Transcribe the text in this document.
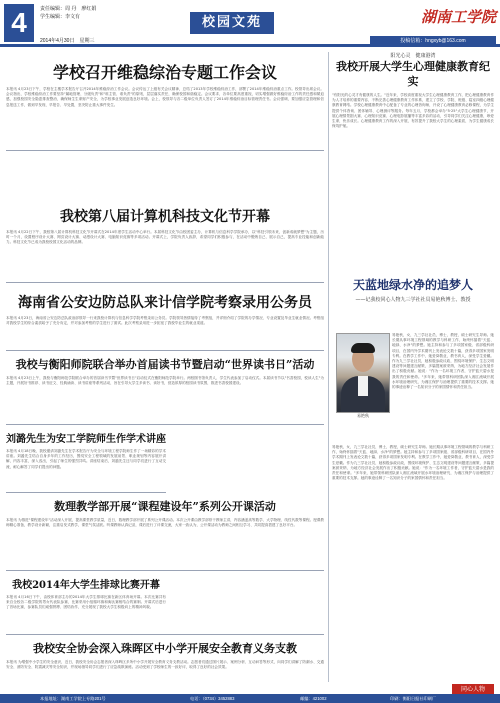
4	责任编辑：周 丹　廖红娟
学生编辑：李文有
2014年4月30日　星期三
校园文苑	湖南工学院
投稿信箱：hngxyb@163.com
学校召开维稳综治专题工作会议
本报讯 4月23日下午，学校在主楼学术报告厅召开2014年维稳综治工作会议。会议传达了上级有关会议精神，总结了2013年学校维稳综治工作，部署了2014年维稳综治重点工作。校领导出席会议。会议指出，学校维稳综治工作要坚持"属地管理、分级负责"和"谁主管、谁负责"的原则，层层落实责任，确保校园和谐稳定。会议要求，各单位要高度重视，切实增强做好维稳综治工作的责任感和紧迫感，加强校园安全隐患排查整治，确保师生生命财产安全，为学校事业发展创造良好环境。会上，校领导与各二级单位负责人签订了2014年维稳综治目标管理责任书。会议强调，要加强应急管理和信息报送工作，做到早发现、早报告、早处置，坚决防止重大事件发生。
我校第八届计算机科技文化节开幕
本报讯 4月22日下午，我校第八届计算机科技文化节开幕式在2014年度学生活动中心举行。本届科技文化节由校团委主办，计算机与信息科学学院承办，以"科技引领未来，创新成就梦想"为主题，历时一个月，设置程序设计大赛、网页设计大赛、动漫设计大赛、电脑知识竞赛等多项活动。开幕式上，学院负责人致辞，希望同学们积极参与，在活动中锻炼自己、展示自己，提高专业技能和创新能力。科技文化节已成为我校校园文化活动的品牌。
海南省公安边防总队来计信学院考察录用公务员
本报讯 4月23日，海南省公安边防总队政治部领导一行来我校计算机与信息科学学院考察录用公务员。学院领导热情接待了考察组，并详细介绍了学院的办学情况、专业设置及毕业生就业情况。考察组对我校学生的综合素质给予了充分肯定，并对参加考察的学生进行了面试。此次考察录用进一步拓宽了我校毕业生的就业渠道。
我校与衡阳师院联合举办首届读书节暨启动“世界读书日”活动
本报讯 4月23日上午，我校与衡阳师范学院联合举办的首届读书节暨"世界读书日"启动仪式在衡阳师范学院举行。两校图书馆负责人、学生代表参加了启动仪式。本届读书节以"书香校园，悦读人生"为主题，开展好书推荐、读书征文、经典诵读、读书讲座等系列活动，旨在引导大学生多读书、读好书，营造浓厚的校园读书氛围，推进书香校园建设。
刘潞先生为安工学院师生作学术讲座
本报讯 4月18日晚，我校邀请刘潞先生在学术报告厅为安全与环境工程学院师生作了一场精彩的学术讲座。刘潞先生结合自身多年的工作经历，围绕安全工程领域的发展前景、职业规划等内容展开讲解，内容丰富，深入浅出，引起了师生的强烈共鸣。讲座结束后，刘潞先生还与同学们进行了互动交流，耐心解答了同学们提出的问题。
数理教学部开展“课程建设年”系列公开课活动
本报讯 为推进"课程建设年"活动深入开展，提高课堂教学质量，近日，数理教学部开展了系列公开课活动。本次公开课由教学部骨干教师主讲，内容涵盖高等数学、大学物理、线性代数等课程。授课教师精心准备，教学设计新颖，注重启发式教学，课堂气氛活跃。听课教师认真记录，课后进行了评课交流，大家一致认为，公开课活动为教师之间相互学习、共同提高搭建了良好平台。
我校2014年大学生排球比赛开幕
本报讯 4月16日下午，由校体育部主办的2014年大学生排球比赛在新区体育场开幕。本次比赛共有来自全校各二级学院的男女代表队参赛，比赛采用小组循环赛和淘汰赛相结合的赛制。开幕式后进行了首场比赛，参赛队员们顽强拼搏、团结协作，充分展现了我校大学生积极向上的精神风貌。
我校安全协会深入珠晖区中小学开展安全教育义务支教
本报讯 为增强中小学生的安全意识，近日，我校安全协会志愿者深入珠晖区多所中小学开展安全教育义务支教活动。志愿者们通过图片展示、案例分析、互动问答等形式，向同学们讲解了防溺水、交通安全、消防安全、防震减灾等安全知识，并现场指导同学们进行了应急疏散演练。活动受到了学校师生的一致好评，取得了良好的社会效果。
阳光心灵　健康港湾
我校开展大学生心理健康教育纪实
"有阳光的心灵才有健康的人生。"近年来，学校高度重视大学生心理健康教育工作，把心理健康教育作为人才培养的重要内容，不断完善心理健康教育工作体系，建立了学校、学院、班级、寝室四级心理健康教育网络。学校心理健康教育中心配备了专业的心理咨询师，开设了心理健康教育必修课程，为学生提供个体咨询、团体辅导、心理测评等服务。每年五月，学校都会举办"5·25"大学生心理健康节，开展心理情景剧大赛、心理知识竞赛、心理电影展播等丰富多彩的活动，引导同学们关注心理健康，珍爱生命，快乐成长。心理健康教育工作的深入开展，有效提升了我校大学生的心理素质，为学生健康成长保驾护航。
天蓝地绿水净的追梦人
——记我校同心人物九三学社社员易艳秋博士、教授
易艳秋
易艳秋，女，九三学社社员，博士，教授，硕士研究生导师。她长期从事环境工程领域的教学与科研工作，始终怀揣着"天蓝、地绿、水净"的梦想。她主持和参与了多项国家级、省部级科研项目，在国内外学术期刊上发表论文数十篇，获得多项国家发明专利。在教学工作中，她爱岗敬业，教书育人，深受学生爱戴。作为九三学社社员，她积极参政议政，围绕环境保护、生态文明建设等问题建言献策，多篇提案被采纳，为地方经济社会发展作出了积极贡献。她说："作为一名环境工作者，守护蓝天碧水是我的责任和使命。"多年来，她带领科研团队深入湘江流域开展水环境治理研究，为湘江保护与治理提供了重要的技术支撑。她的事迹诠释了一名知识分子的家国情怀和责任担当。
易艳秋，女，九三学社社员，博士，教授，硕士研究生导师。她长期从事环境工程领域的教学与科研工作，始终怀揣着"天蓝、地绿、水净"的梦想。她主持和参与了多项国家级、省部级科研项目，在国内外学术期刊上发表论文数十篇，获得多项国家发明专利。在教学工作中，她爱岗敬业，教书育人，深受学生爱戴。作为九三学社社员，她积极参政议政，围绕环境保护、生态文明建设等问题建言献策，多篇提案被采纳，为地方经济社会发展作出了积极贡献。她说："作为一名环境工作者，守护蓝天碧水是我的责任和使命。"多年来，她带领科研团队深入湘江流域开展水环境治理研究，为湘江保护与治理提供了重要的技术支撑。她的事迹诠释了一名知识分子的家国情怀和责任担当。
同心人物
本报地址：湖南工学院上专路201号	电话：（0734）3452883	邮编：421002	印刷：衡阳日报社印刷厂
